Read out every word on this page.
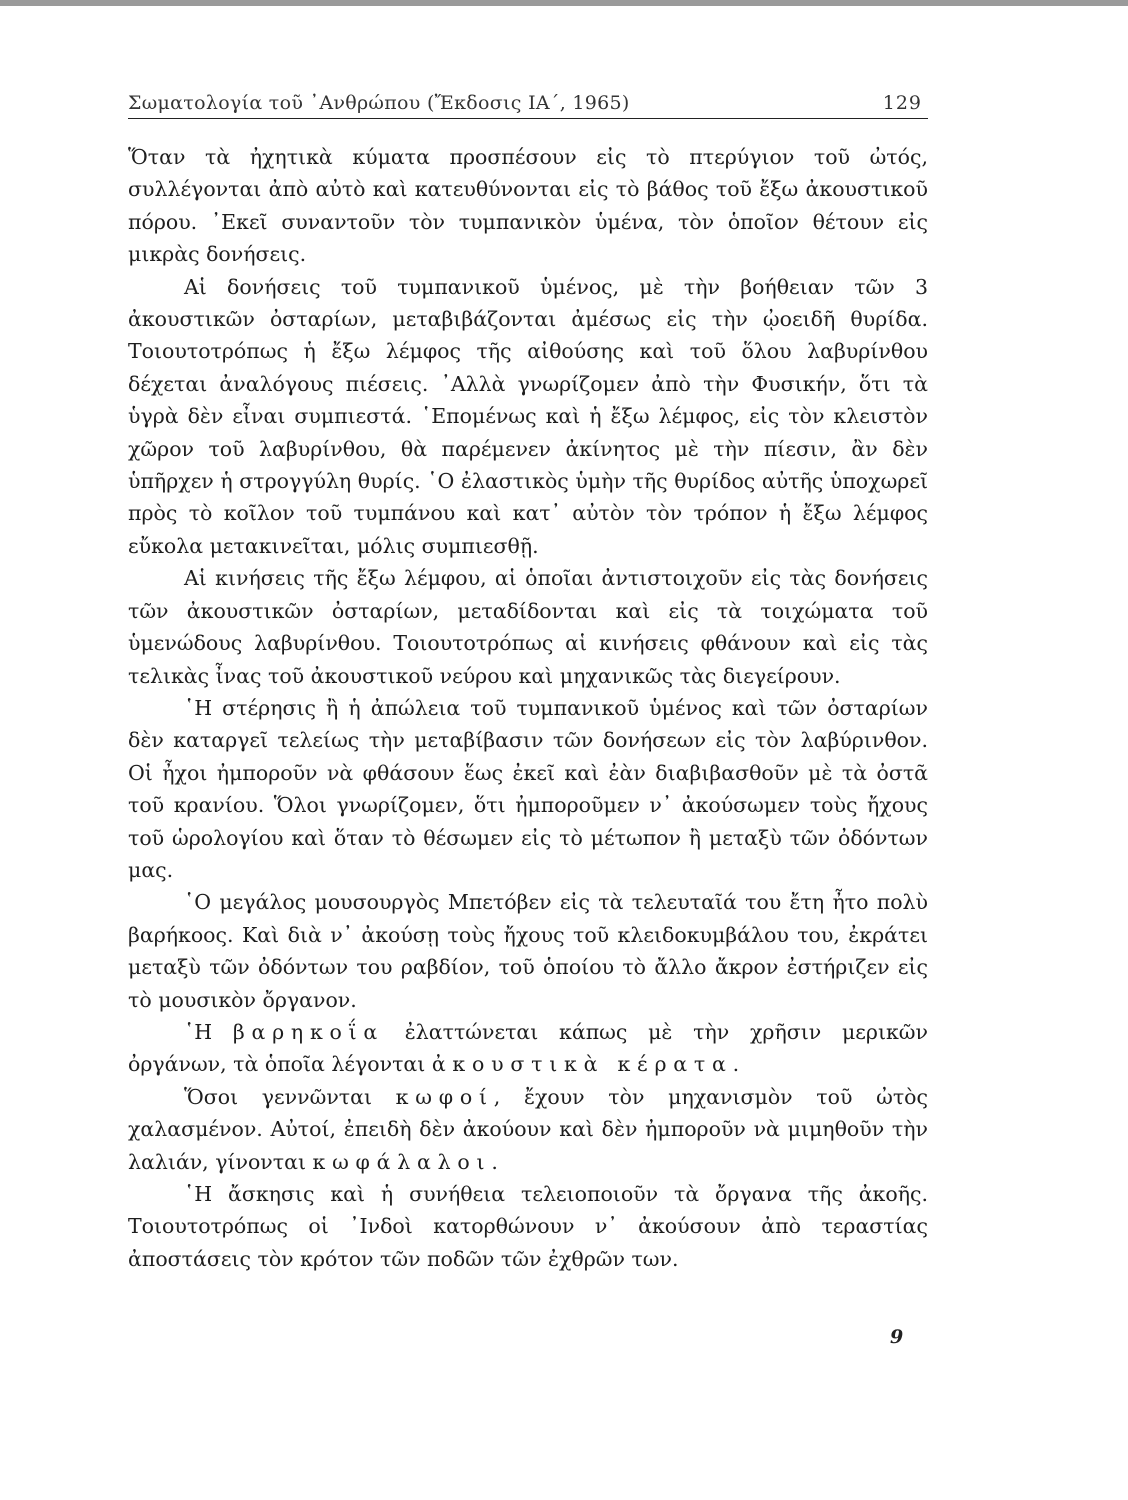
Σωματολογία τοῦ ᾿Ανθρώπου (Ἔκδοσις ΙΑ΄, 1965)	129

Ὅταν τὰ ἠχητικὰ κύματα προσπέσουν εἰς τὸ πτερύγιον τοῦ ὠτός, συλλέγονται ἀπὸ αὐτὸ καὶ κατευθύνονται εἰς τὸ βάθος τοῦ ἔξω ἀκουστικοῦ πόρου. ᾿Εκεῖ συναντοῦν τὸν τυμπανικὸν ὑμένα, τὸν ὁποῖον θέτουν εἰς μικρὰς δονήσεις.

Αἱ δονήσεις τοῦ τυμπανικοῦ ὑμένος, μὲ τὴν βοήθειαν τῶν 3 ἀκουστικῶν ὀσταρίων, μεταβιβάζονται ἀμέσως εἰς τὴν ᾠοειδῆ θυρίδα. Τοιουτοτρόπως ἡ ἔξω λέμφος τῆς αἰθούσης καὶ τοῦ ὅλου λαβυρίνθου δέχεται ἀναλόγους πιέσεις. ᾿Αλλὰ γνωρίζομεν ἀπὸ τὴν Φυσικήν, ὅτι τὰ ὑγρὰ δὲν εἶναι συμπιεστά. ῾Επομένως καὶ ἡ ἔξω λέμφος, εἰς τὸν κλειστὸν χῶρον τοῦ λαβυρίνθου, θὰ παρέμενεν ἀκίνητος μὲ τὴν πίεσιν, ἂν δὲν ὑπῆρχεν ἡ στρογγύλη θυρίς. ῾Ο ἐλαστικὸς ὑμὴν τῆς θυρίδος αὐτῆς ὑποχωρεῖ πρὸς τὸ κοῖλον τοῦ τυμπάνου καὶ κατ᾿ αὐτὸν τὸν τρόπον ἡ ἔξω λέμφος εὔκολα μετακινεῖται, μόλις συμπιεσθῇ.

Αἱ κινήσεις τῆς ἔξω λέμφου, αἱ ὁποῖαι ἀντιστοιχοῦν εἰς τὰς δονήσεις τῶν ἀκουστικῶν ὀσταρίων, μεταδίδονται καὶ εἰς τὰ τοιχώματα τοῦ ὑμενώδους λαβυρίνθου. Τοιουτοτρόπως αἱ κινήσεις φθάνουν καὶ εἰς τὰς τελικὰς ἶνας τοῦ ἀκουστικοῦ νεύρου καὶ μηχανικῶς τὰς διεγείρουν.

῾Η στέρησις ἢ ἡ ἀπώλεια τοῦ τυμπανικοῦ ὑμένος καὶ τῶν ὀσταρίων δὲν καταργεῖ τελείως τὴν μεταβίβασιν τῶν δονήσεων εἰς τὸν λαβύρινθον. Οἱ ἦχοι ἠμποροῦν νὰ φθάσουν ἕως ἐκεῖ καὶ ἐὰν διαβιβασθοῦν μὲ τὰ ὀστᾶ τοῦ κρανίου. Ὅλοι γνωρίζομεν, ὅτι ἠμποροῦμεν ν᾿ ἀκούσωμεν τοὺς ἤχους τοῦ ὡρολογίου καὶ ὅταν τὸ θέσωμεν εἰς τὸ μέτωπον ἢ μεταξὺ τῶν ὀδόντων μας.

῾Ο μεγάλος μουσουργὸς Μπετόβεν εἰς τὰ τελευταῖά του ἔτη ἦτο πολὺ βαρήκοος. Καὶ διὰ ν᾿ ἀκούσῃ τοὺς ἤχους τοῦ κλειδοκυμβάλου του, ἐκράτει μεταξὺ τῶν ὀδόντων του ραβδίον, τοῦ ὁποίου τὸ ἄλλο ἄκρον ἐστήριζεν εἰς τὸ μουσικὸν ὄργανον.

῾Η βαρηκοΐα ἐλαττώνεται κάπως μὲ τὴν χρῆσιν μερικῶν ὀργάνων, τὰ ὁποῖα λέγονται ἀκουστικὰ κέρατα.

Ὅσοι γεννῶνται κωφοί, ἔχουν τὸν μηχανισμὸν τοῦ ὠτὸς χαλασμένον. Αὐτοί, ἐπειδὴ δὲν ἀκούουν καὶ δὲν ἠμποροῦν νὰ μιμηθοῦν τὴν λαλιάν, γίνονται κωφάλαλοι.

῾Η ἄσκησις καὶ ἡ συνήθεια τελειοποιοῦν τὰ ὄργανα τῆς ἀκοῆς. Τοιουτοτρόπως οἱ ᾿Ινδοὶ κατορθώνουν ν᾿ ἀκούσουν ἀπὸ τεραστίας ἀποστάσεις τὸν κρότον τῶν ποδῶν τῶν ἐχθρῶν των.

9
